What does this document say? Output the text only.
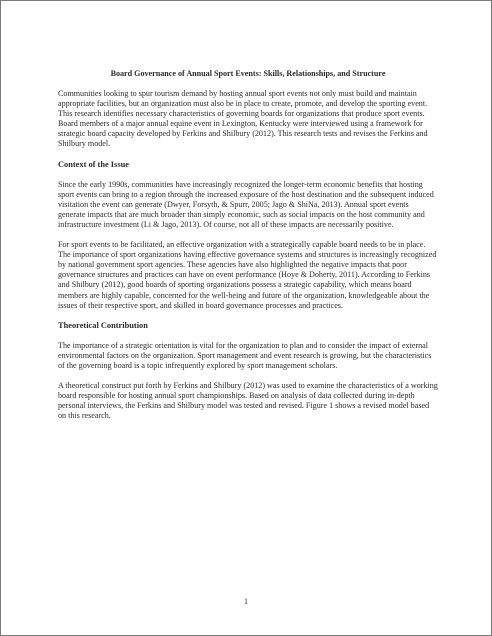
Board Governance of Annual Sport Events: Skills, Relationships, and Structure

Communities looking to spur tourism demand by hosting annual sport events not only must build and maintain appropriate facilities, but an organization must also be in place to create, promote, and develop the sporting event. This research identifies necessary characteristics of governing boards for organizations that produce sport events. Board members of a major annual equine event in Lexington, Kentucky were interviewed using a framework for strategic board capacity developed by Ferkins and Shilbury (2012). This research tests and revises the Ferkins and Shilbury model.

Context of the Issue

Since the early 1990s, communities have increasingly recognized the longer-term economic benefits that hosting sport events can bring to a region through the increased exposure of the host destination and the subsequent induced visitation the event can generate (Dwyer, Forsyth, & Spurr, 2005; Jago & ShiNa, 2013). Annual sport events generate impacts that are much broader than simply economic, such as social impacts on the host community and infrastructure investment (Li & Jago, 2013). Of course, not all of these impacts are necessarily positive.

For sport events to be facilitated, an effective organization with a strategically capable board needs to be in place. The importance of sport organizations having effective governance systems and structures is increasingly recognized by national government sport agencies. These agencies have also highlighted the negative impacts that poor governance structures and practices can have on event performance (Hoye & Doherty, 2011). According to Ferkins and Shilbury (2012), good boards of sporting organizations possess a strategic capability, which means board members are highly capable, concerned for the well-being and future of the organization, knowledgeable about the issues of their respective sport, and skilled in board governance processes and practices.

Theoretical Contribution

The importance of a strategic orientation is vital for the organization to plan and to consider the impact of external environmental factors on the organization. Sport management and event research is growing, but the characteristics of the governing board is a topic infrequently explored by sport management scholars.

A theoretical construct put forth by Ferkins and Shilbury (2012) was used to examine the characteristics of a working board responsible for hosting annual sport championships. Based on analysis of data collected during in-depth personal interviews, the Ferkins and Shilbury model was tested and revised. Figure 1 shows a revised model based on this research.

1
